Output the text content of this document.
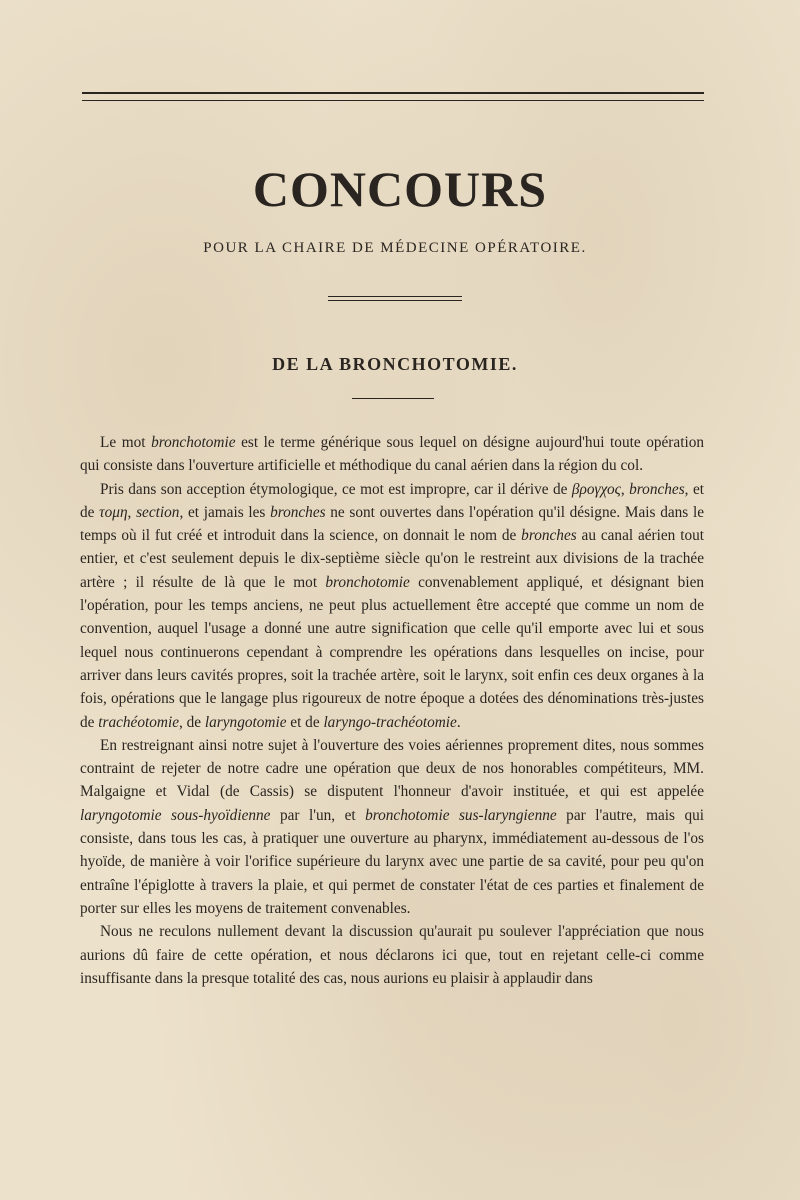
CONCOURS
POUR LA CHAIRE DE MÉDECINE OPÉRATOIRE.
DE LA BRONCHOTOMIE.

Le mot bronchotomie est le terme générique sous lequel on désigne aujourd'hui toute opération qui consiste dans l'ouverture artificielle et méthodique du canal aérien dans la région du col.

Pris dans son acception étymologique, ce mot est impropre, car il dérive de βρογχος, bronches, et de τομη, section, et jamais les bronches ne sont ouvertes dans l'opération qu'il désigne. Mais dans le temps où il fut créé et introduit dans la science, on donnait le nom de bronches au canal aérien tout entier, et c'est seulement depuis le dix-septième siècle qu'on le restreint aux divisions de la trachée artère ; il résulte de là que le mot bronchotomie convenablement appliqué, et désignant bien l'opération, pour les temps anciens, ne peut plus actuellement être accepté que comme un nom de convention, auquel l'usage a donné une autre signification que celle qu'il emporte avec lui et sous lequel nous continuerons cependant à comprendre les opérations dans lesquelles on incise, pour arriver dans leurs cavités propres, soit la trachée artère, soit le larynx, soit enfin ces deux organes à la fois, opérations que le langage plus rigoureux de notre époque a dotées des dénominations très-justes de trachéotomie, de laryngotomie et de laryngo-trachéotomie.

En restreignant ainsi notre sujet à l'ouverture des voies aériennes proprement dites, nous sommes contraint de rejeter de notre cadre une opération que deux de nos honorables compétiteurs, MM. Malgaigne et Vidal (de Cassis) se disputent l'honneur d'avoir instituée, et qui est appelée laryngotomie sous-hyoïdienne par l'un, et bronchotomie sus-laryngienne par l'autre, mais qui consiste, dans tous les cas, à pratiquer une ouverture au pharynx, immédiatement au-dessous de l'os hyoïde, de manière à voir l'orifice supérieure du larynx avec une partie de sa cavité, pour peu qu'on entraîne l'épiglotte à travers la plaie, et qui permet de constater l'état de ces parties et finalement de porter sur elles les moyens de traitement convenables.

Nous ne reculons nullement devant la discussion qu'aurait pu soulever l'appréciation que nous aurions dû faire de cette opération, et nous déclarons ici que, tout en rejetant celle-ci comme insuffisante dans la presque totalité des cas, nous aurions eu plaisir à applaudir dans
